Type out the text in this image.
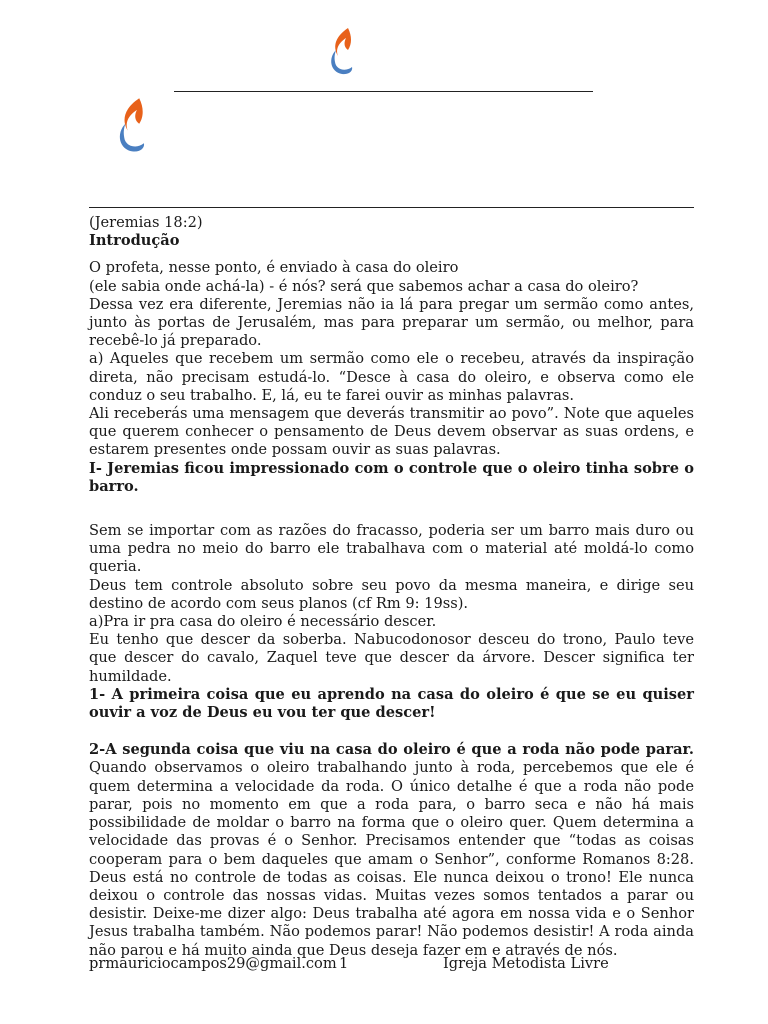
(Jeremias 18:2)

Introdução

O profeta, nesse ponto, é enviado à casa do oleiro

(ele sabia onde achá-la) - é nós? será que sabemos achar a casa do oleiro?

Dessa vez era diferente, Jeremias não ia lá para pregar um sermão como antes, junto às portas de Jerusalém, mas para preparar um sermão, ou melhor, para recebê-lo já preparado.

a) Aqueles que recebem um sermão como ele o recebeu, através da inspiração direta, não precisam estudá-lo. “Desce à casa do oleiro, e observa como ele conduz o seu trabalho. E, lá, eu te farei ouvir as minhas palavras.

Ali receberás uma mensagem que deverás transmitir ao povo”. Note que aqueles que querem conhecer o pensamento de Deus devem observar as suas ordens, e estarem presentes onde possam ouvir as suas palavras.

I- Jeremias ficou impressionado com o controle que o oleiro tinha sobre o barro.

Sem se importar com as razões do fracasso, poderia ser um barro mais duro ou uma pedra no meio do barro ele trabalhava com o material até moldá-lo como queria.

Deus tem controle absoluto sobre seu povo da mesma maneira, e dirige seu destino de acordo com seus planos (cf Rm 9: 19ss).

a)Pra ir pra casa do oleiro é necessário descer.

Eu tenho que descer da soberba. Nabucodonosor desceu do trono, Paulo teve que descer do cavalo, Zaquel teve que descer da árvore. Descer significa ter humildade.

1- A primeira coisa que eu aprendo na casa do oleiro é que se eu quiser ouvir a voz de Deus eu vou ter que descer!

2-A segunda coisa que viu na casa do oleiro é que a roda não pode parar. Quando observamos o oleiro trabalhando junto à roda, percebemos que ele é quem determina a velocidade da roda. O único detalhe é que a roda não pode parar, pois no momento em que a roda para, o barro seca e não há mais possibilidade de moldar o barro na forma que o oleiro quer. Quem determina a velocidade das provas é o Senhor. Precisamos entender que “todas as coisas cooperam para o bem daqueles que amam o Senhor”, conforme Romanos 8:28. Deus está no controle de todas as coisas. Ele nunca deixou o trono! Ele nunca deixou o controle das nossas vidas. Muitas vezes somos tentados a parar ou desistir. Deixe-me dizer algo: Deus trabalha até agora em nossa vida e o Senhor Jesus trabalha também. Não podemos parar! Não podemos desistir! A roda ainda não parou e há muito ainda que Deus deseja fazer em e através de nós.

prmauriciocampos29@gmail.com 1	Igreja Metodista Livre
